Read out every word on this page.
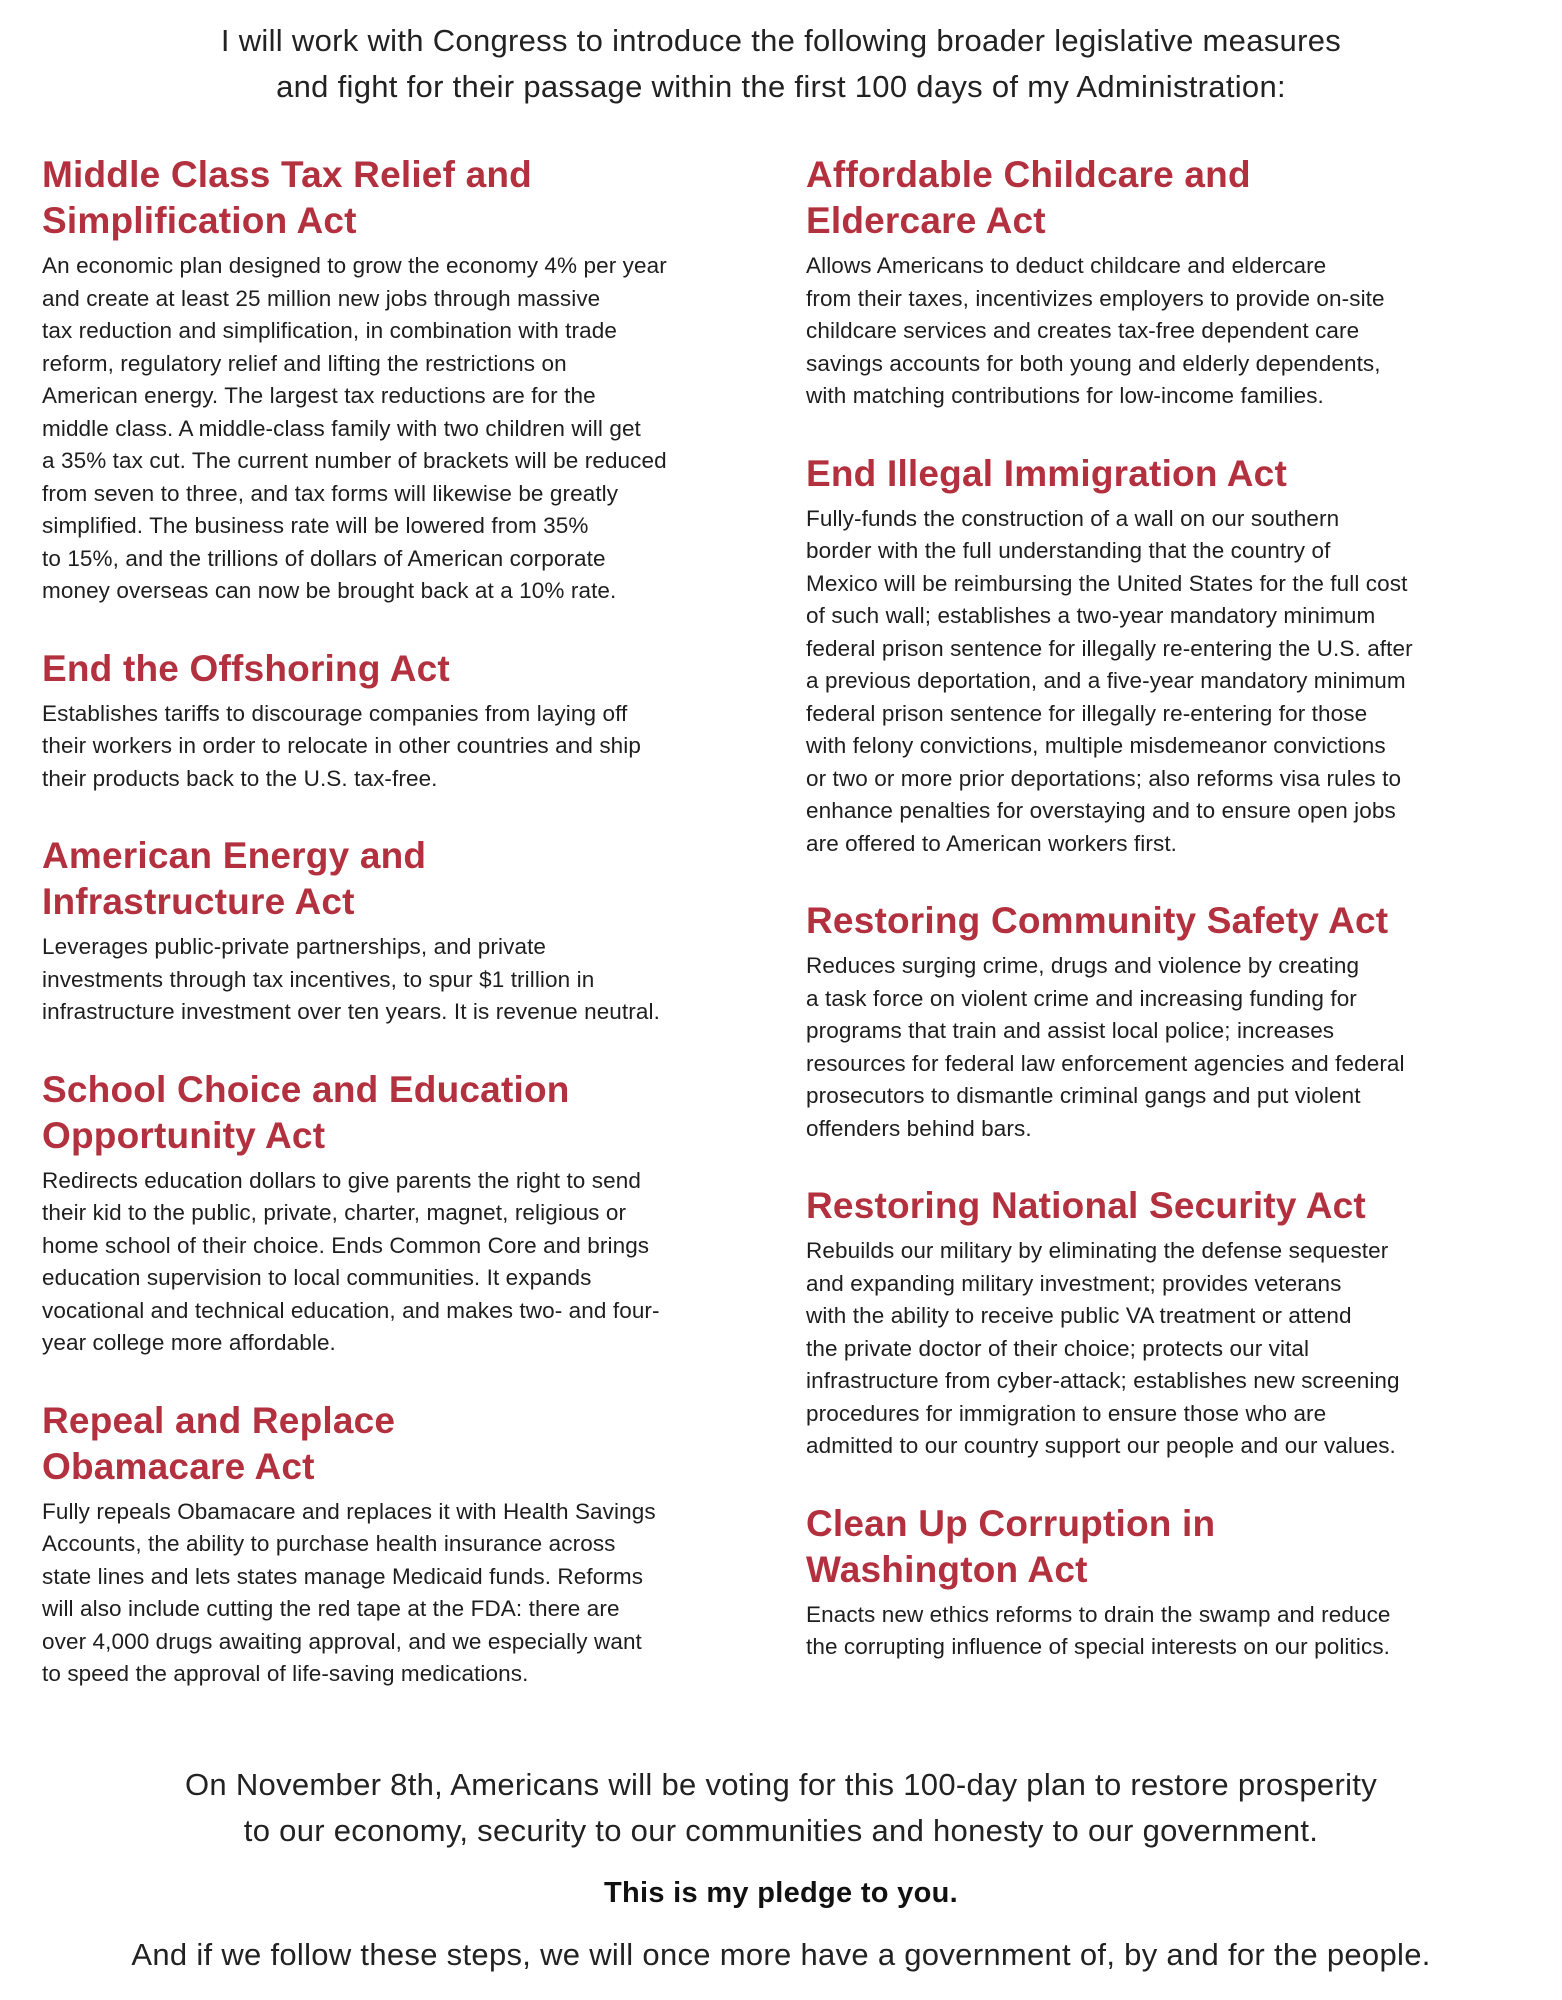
I will work with Congress to introduce the following broader legislative measures
and fight for their passage within the first 100 days of my Administration:
Middle Class Tax Relief and
Simplification Act

An economic plan designed to grow the economy 4% per year
and create at least 25 million new jobs through massive
tax reduction and simplification, in combination with trade
reform, regulatory relief and lifting the restrictions on
American energy. The largest tax reductions are for the
middle class. A middle-class family with two children will get
a 35% tax cut. The current number of brackets will be reduced
from seven to three, and tax forms will likewise be greatly
simplified. The business rate will be lowered from 35%
to 15%, and the trillions of dollars of American corporate
money overseas can now be brought back at a 10% rate.

End the Offshoring Act

Establishes tariffs to discourage companies from laying off
their workers in order to relocate in other countries and ship
their products back to the U.S. tax-free.

American Energy and
Infrastructure Act

Leverages public-private partnerships, and private
investments through tax incentives, to spur $1 trillion in
infrastructure investment over ten years. It is revenue neutral.

School Choice and Education
Opportunity Act

Redirects education dollars to give parents the right to send
their kid to the public, private, charter, magnet, religious or
home school of their choice. Ends Common Core and brings
education supervision to local communities. It expands
vocational and technical education, and makes two- and four-
year college more affordable.

Repeal and Replace
Obamacare Act

Fully repeals Obamacare and replaces it with Health Savings
Accounts, the ability to purchase health insurance across
state lines and lets states manage Medicaid funds. Reforms
will also include cutting the red tape at the FDA: there are
over 4,000 drugs awaiting approval, and we especially want
to speed the approval of life-saving medications.

Affordable Childcare and
Eldercare Act

Allows Americans to deduct childcare and eldercare
from their taxes, incentivizes employers to provide on-site
childcare services and creates tax-free dependent care
savings accounts for both young and elderly dependents,
with matching contributions for low-income families.

End Illegal Immigration Act

Fully-funds the construction of a wall on our southern
border with the full understanding that the country of
Mexico will be reimbursing the United States for the full cost
of such wall; establishes a two-year mandatory minimum
federal prison sentence for illegally re-entering the U.S. after
a previous deportation, and a five-year mandatory minimum
federal prison sentence for illegally re-entering for those
with felony convictions, multiple misdemeanor convictions
or two or more prior deportations; also reforms visa rules to
enhance penalties for overstaying and to ensure open jobs
are offered to American workers first.

Restoring Community Safety Act

Reduces surging crime, drugs and violence by creating
a task force on violent crime and increasing funding for
programs that train and assist local police; increases
resources for federal law enforcement agencies and federal
prosecutors to dismantle criminal gangs and put violent
offenders behind bars.

Restoring National Security Act

Rebuilds our military by eliminating the defense sequester
and expanding military investment; provides veterans
with the ability to receive public VA treatment or attend
the private doctor of their choice; protects our vital
infrastructure from cyber-attack; establishes new screening
procedures for immigration to ensure those who are
admitted to our country support our people and our values.

Clean Up Corruption in
Washington Act

Enacts new ethics reforms to drain the swamp and reduce
the corrupting influence of special interests on our politics.

On November 8th, Americans will be voting for this 100-day plan to restore prosperity
to our economy, security to our communities and honesty to our government.
This is my pledge to you.
And if we follow these steps, we will once more have a government of, by and for the people.
